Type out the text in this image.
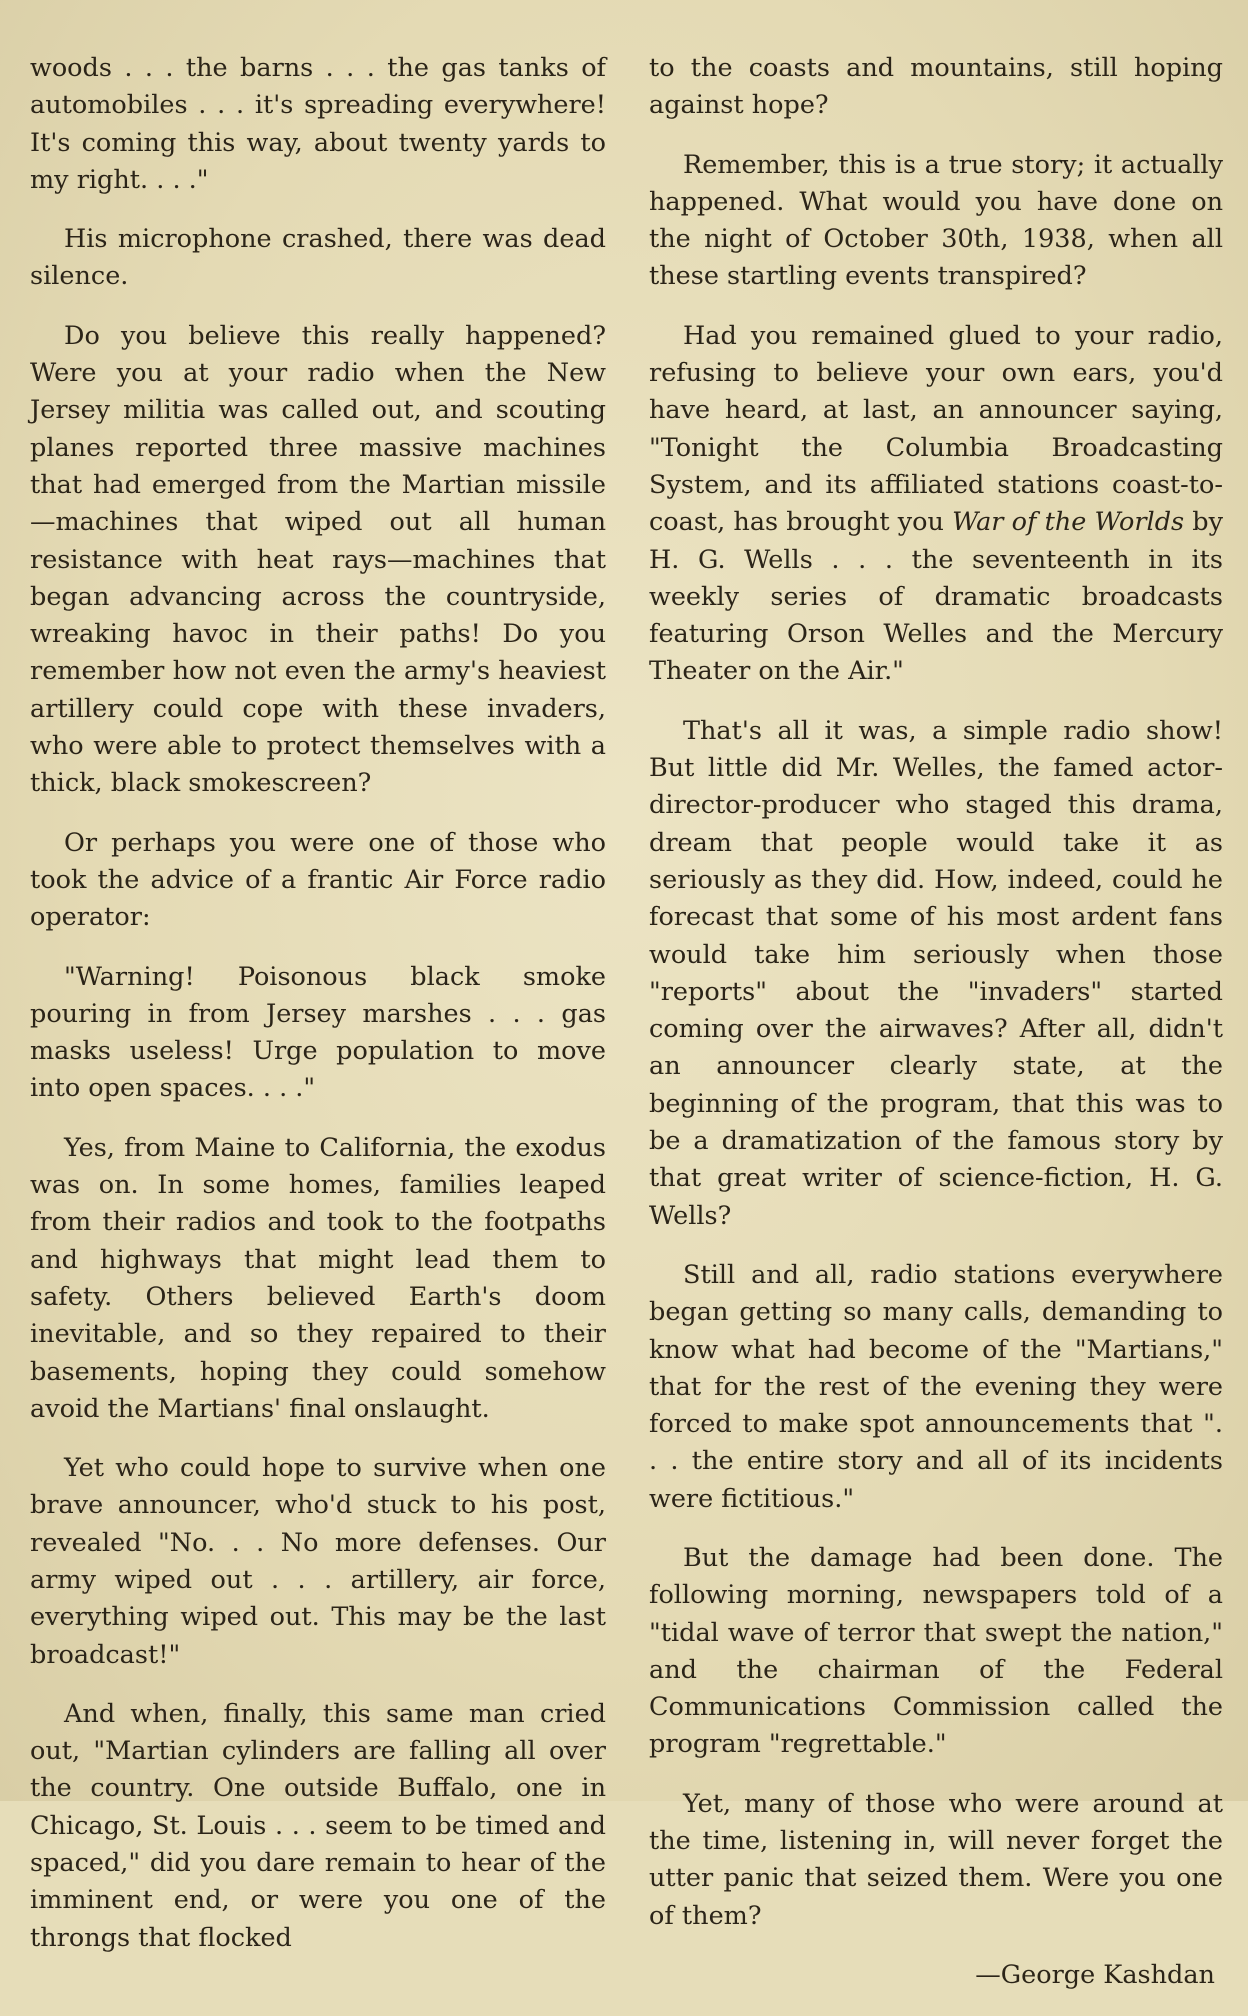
woods . . . the barns . . . the gas tanks of automobiles . . . it's spreading everywhere! It's coming this way, about twenty yards to my right. . . ."

His microphone crashed, there was dead silence.

Do you believe this really happened? Were you at your radio when the New Jersey militia was called out, and scouting planes reported three massive machines that had emerged from the Martian missile—machines that wiped out all human resistance with heat rays—machines that began advancing across the countryside, wreaking havoc in their paths! Do you remember how not even the army's heaviest artillery could cope with these invaders, who were able to protect themselves with a thick, black smokescreen?

Or perhaps you were one of those who took the advice of a frantic Air Force radio operator:

"Warning! Poisonous black smoke pouring in from Jersey marshes . . . gas masks useless! Urge population to move into open spaces. . . ."

Yes, from Maine to California, the exodus was on. In some homes, families leaped from their radios and took to the footpaths and highways that might lead them to safety. Others believed Earth's doom inevitable, and so they repaired to their basements, hoping they could somehow avoid the Martians' final onslaught.

Yet who could hope to survive when one brave announcer, who'd stuck to his post, revealed "No. . . No more defenses. Our army wiped out . . . artillery, air force, everything wiped out. This may be the last broadcast!"

And when, finally, this same man cried out, "Martian cylinders are falling all over the country. One outside Buffalo, one in Chicago, St. Louis . . . seem to be timed and spaced," did you dare remain to hear of the imminent end, or were you one of the throngs that flocked

to the coasts and mountains, still hoping against hope?

Remember, this is a true story; it actually happened. What would you have done on the night of October 30th, 1938, when all these startling events transpired?

Had you remained glued to your radio, refusing to believe your own ears, you'd have heard, at last, an announcer saying, "Tonight the Columbia Broadcasting System, and its affiliated stations coast-to-coast, has brought you War of the Worlds by H. G. Wells . . . the seventeenth in its weekly series of dramatic broadcasts featuring Orson Welles and the Mercury Theater on the Air."

That's all it was, a simple radio show! But little did Mr. Welles, the famed actor-director-producer who staged this drama, dream that people would take it as seriously as they did. How, indeed, could he forecast that some of his most ardent fans would take him seriously when those "reports" about the "invaders" started coming over the airwaves? After all, didn't an announcer clearly state, at the beginning of the program, that this was to be a dramatization of the famous story by that great writer of science-fiction, H. G. Wells?

Still and all, radio stations everywhere began getting so many calls, demanding to know what had become of the "Martians," that for the rest of the evening they were forced to make spot announcements that ". . . the entire story and all of its incidents were fictitious."

But the damage had been done. The following morning, newspapers told of a "tidal wave of terror that swept the nation," and the chairman of the Federal Communications Commission called the program "regrettable."

Yet, many of those who were around at the time, listening in, will never forget the utter panic that seized them. Were you one of them?

—George Kashdan
